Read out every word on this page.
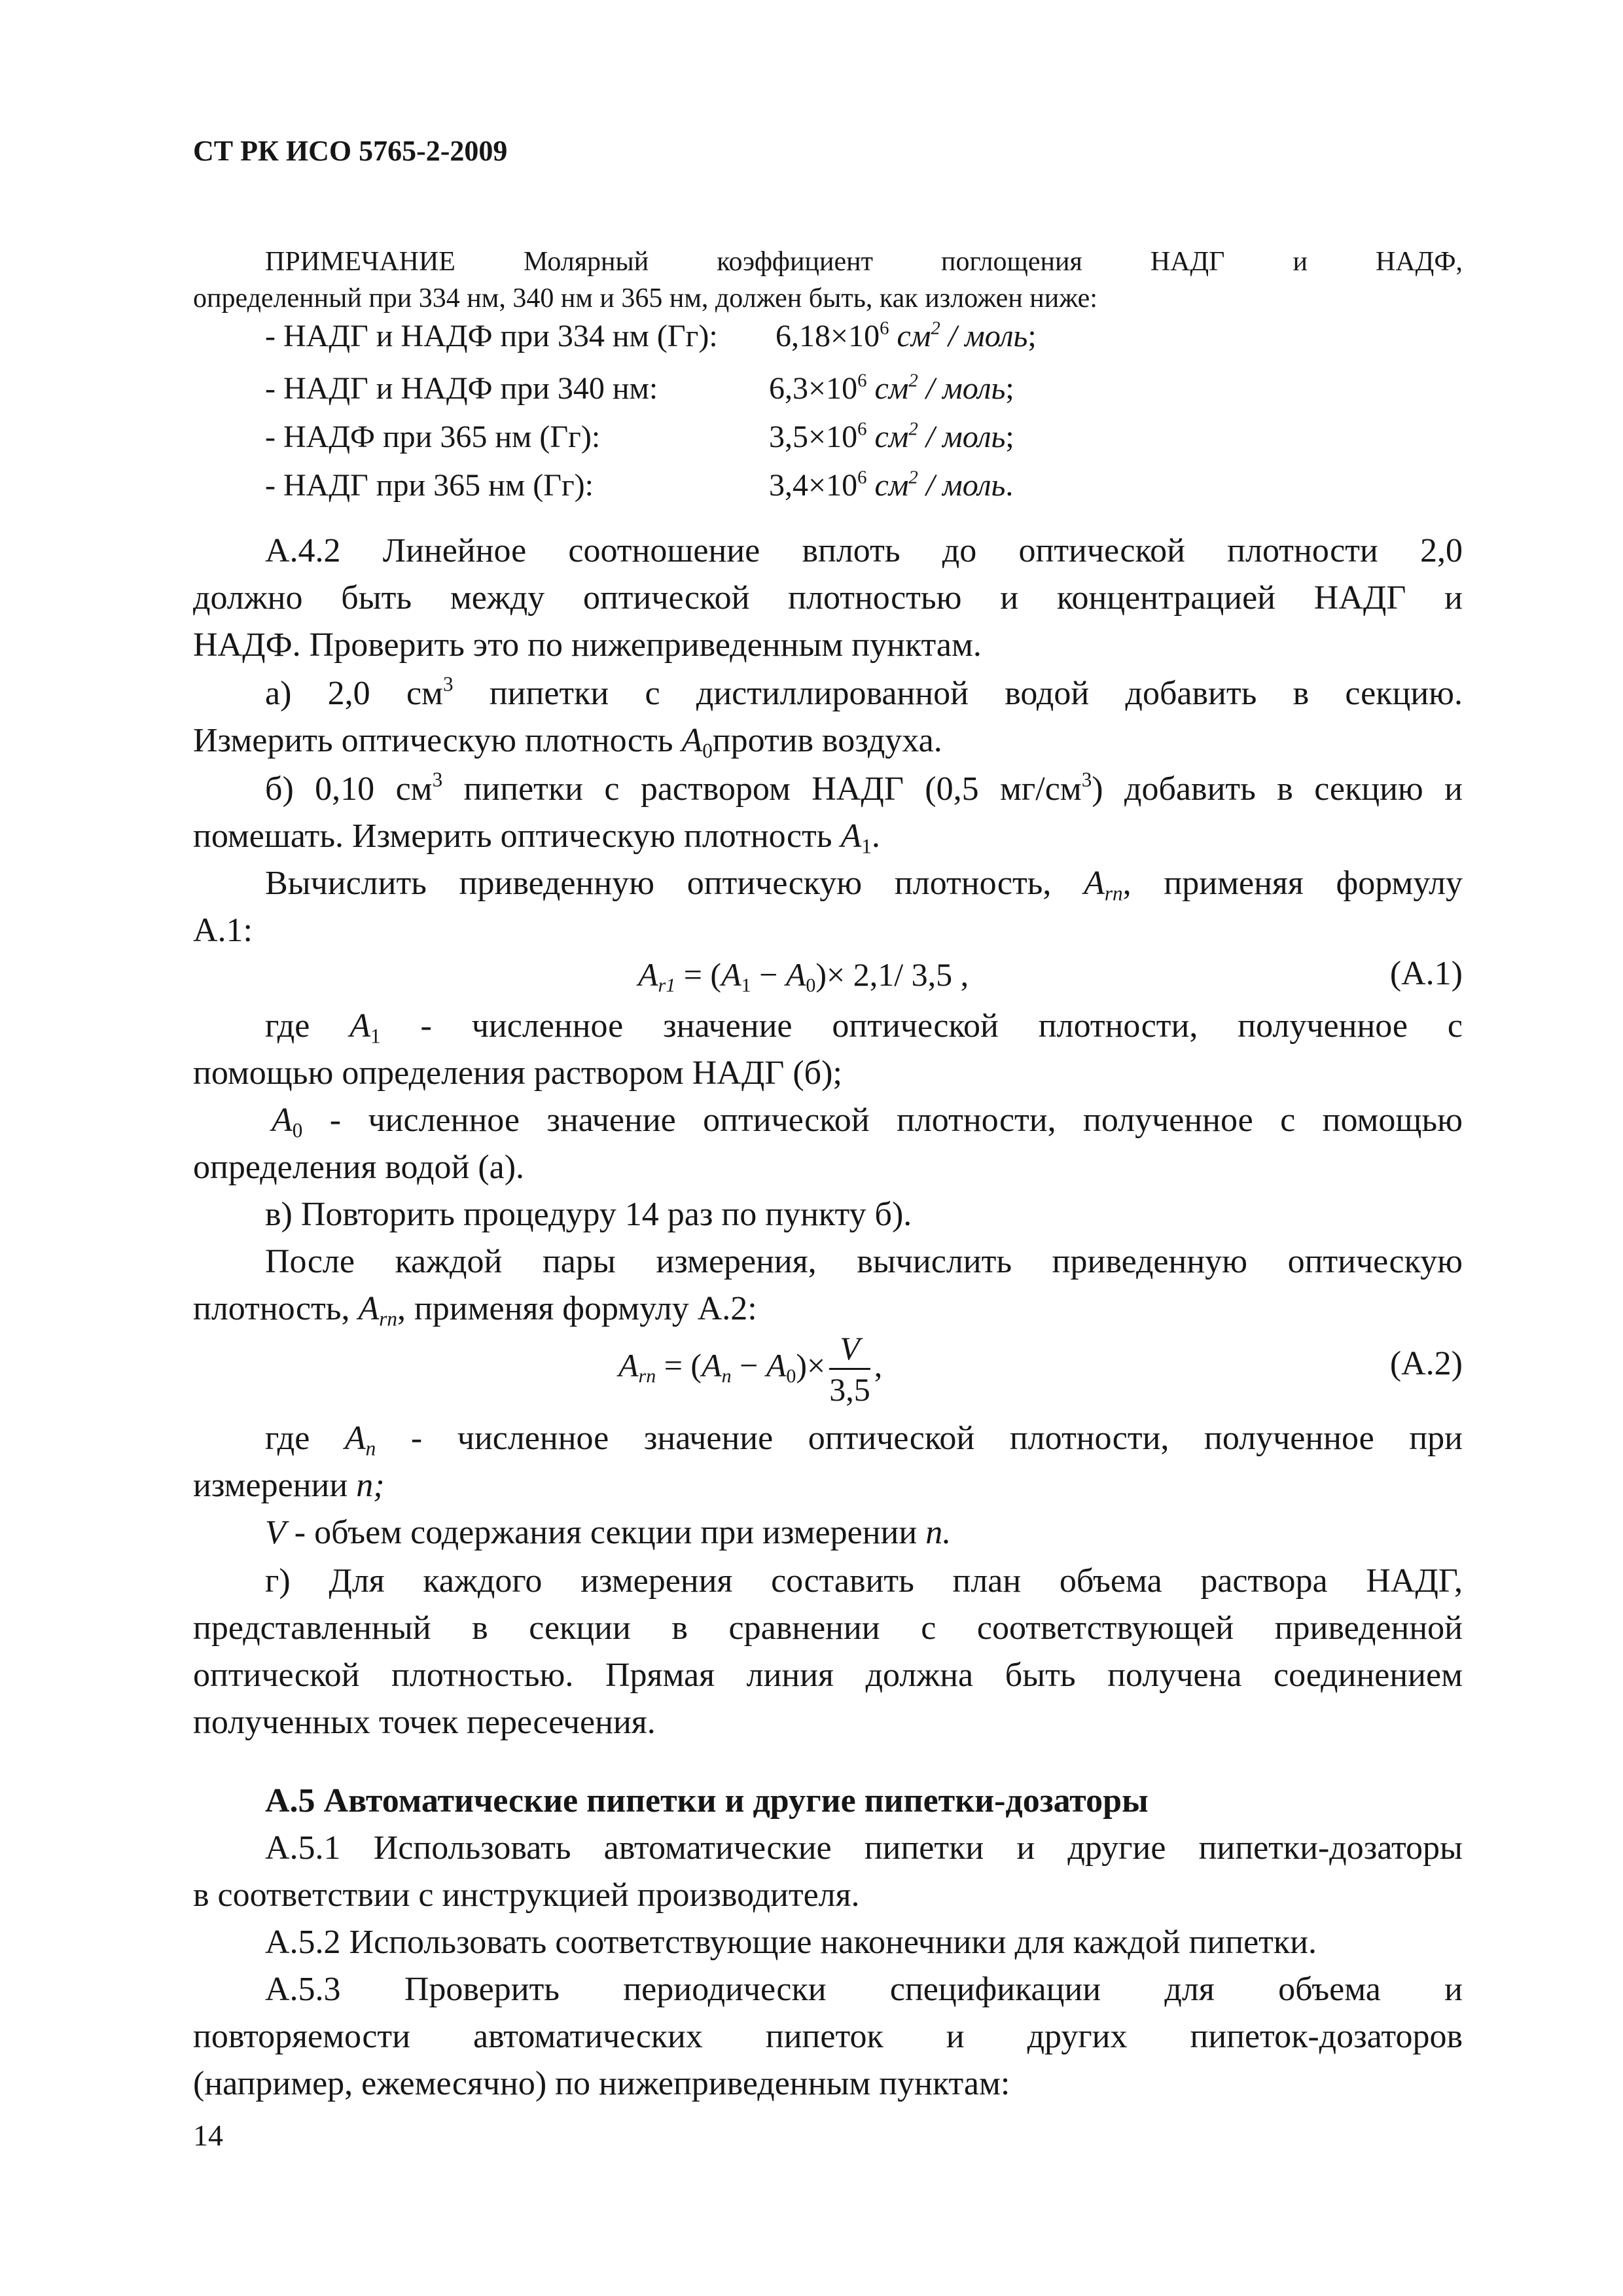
СТ РК ИСО 5765-2-2009
ПРИМЕЧАНИЕ Молярный коэффициент поглощения НАДГ и НАДФ,
определенный при 334 нм, 340 нм и 365 нм, должен быть, как изложен ниже:
- НАДГ и НАДФ при 334 нм (Гг): $6,18\times 10^6$ $см^2$ / моль;
- НАДГ и НАДФ при 340 нм:	$6,3\times 10^6$ $см^2$ / моль;
- НАДФ при 365 нм (Гг):	$3,5\times 10^6$ $см^2$ / моль;
- НАДГ при 365 нм (Гг):	$3,4\times 10^6$ $см^2$ / моль.
А.4.2 Линейное соотношение вплоть до оптической плотности 2,0
должно быть между оптической плотностью и концентрацией НАДГ и
НАДФ. Проверить это по нижеприведенным пунктам.
а) 2,0 $см^3$ пипетки с дистиллированной водой добавить в секцию.
Измерить оптическую плотность $A_0против$ воздуха.
б) 0,10 $см^3$ пипетки с раствором НАДГ (0,5 $мг/см^3$) добавить в секцию и
помешать. Измерить оптическую плотность $A_1$.
Вычислить приведенную оптическую плотность, $A_{rn}$, применяя формулу
А.1:
$A_{r1} = (A_1 - A_0)\times 2,1/$ 3,5 ,	(А.1)
где $A_1$ - численное значение оптической плотности, полученное с
помощью определения раствором НАДГ (б);
$A_0$ - численное значение оптической плотности, полученное с помощью
определения водой (а).
в) Повторить процедуру 14 раз по пункту б).
После каждой пары измерения, вычислить приведенную оптическую
плотность, $A_{rn}$, применяя формулу А.2:
$A_{rn} = (A_n - A_0)\times \frac{V}{3,5}$ ,	(А.2)
где $A_n$ - численное значение оптической плотности, полученное при
измерении n;
V - объем содержания секции при измерении n.
г) Для каждого измерения составить план объема раствора НАДГ,
представленный в секции в сравнении с соответствующей приведенной
оптической плотностью. Прямая линия должна быть получена соединением
полученных точек пересечения.
А.5 Автоматические пипетки и другие пипетки-дозаторы
А.5.1 Использовать автоматические пипетки и другие пипетки-дозаторы
в соответствии с инструкцией производителя.
А.5.2 Использовать соответствующие наконечники для каждой пипетки.
А.5.3 Проверить периодически спецификации для объема и
повторяемости автоматических пипеток и других пипеток-дозаторов
(например, ежемесячно) по нижеприведенным пунктам:
14
